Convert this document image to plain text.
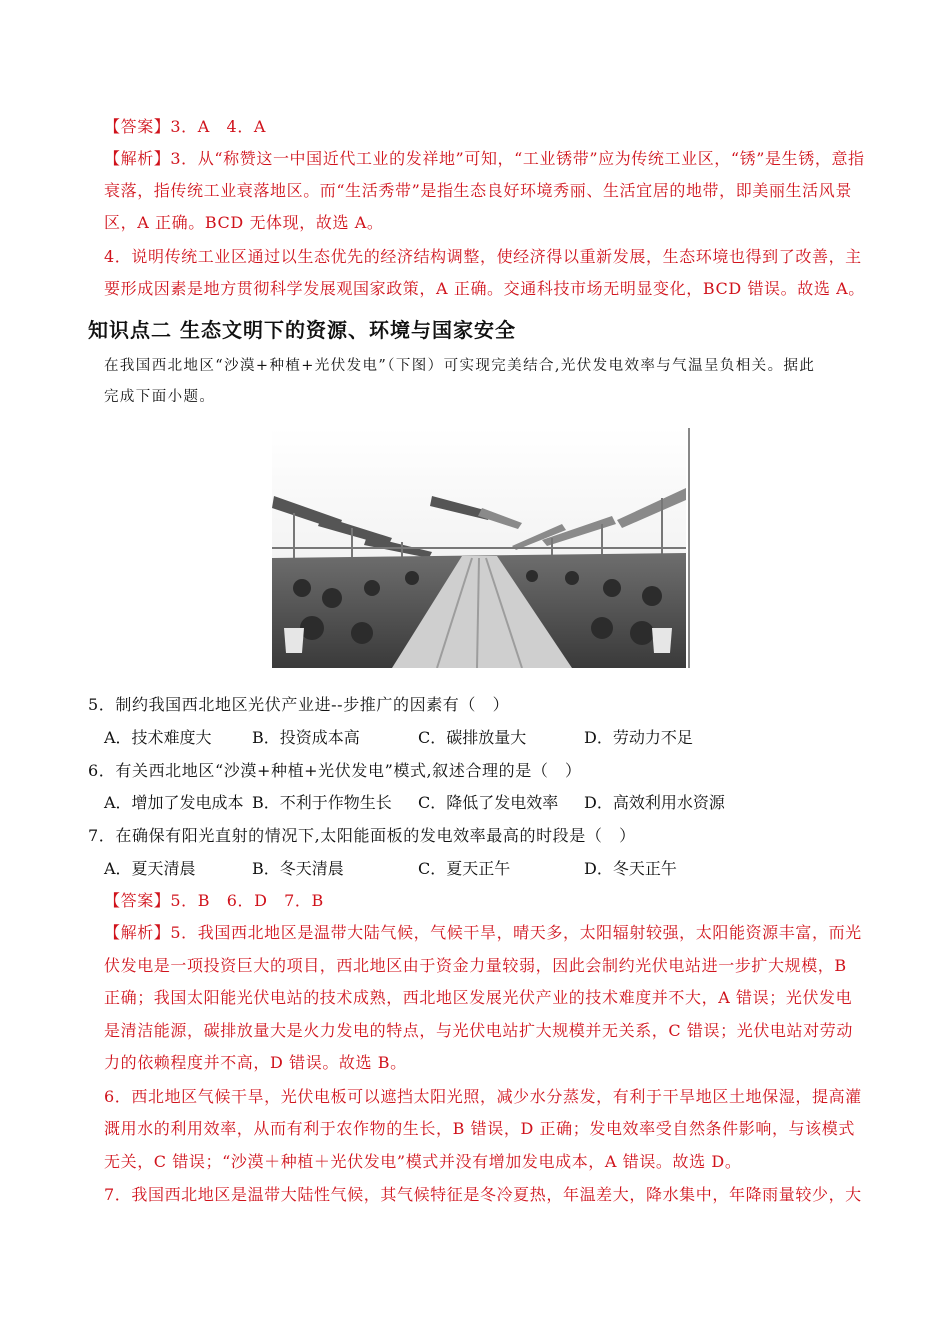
【答案】3．A　4．A
【解析】3．从“称赞这一中国近代工业的发祥地”可知，“工业锈带”应为传统工业区，“锈”是生锈，意指
衰落，指传统工业衰落地区。而“生活秀带”是指生态良好环境秀丽、生活宜居的地带，即美丽生活风景
区，A 正确。BCD 无体现，故选 A。
4．说明传统工业区通过以生态优先的经济结构调整，使经济得以重新发展，生态环境也得到了改善，主
要形成因素是地方贯彻科学发展观国家政策，A 正确。交通科技市场无明显变化，BCD 错误。故选 A。
知识点二 生态文明下的资源、环境与国家安全
在我国西北地区“沙漠+种植+光伏发电”（下图）可实现完美结合,光伏发电效率与气温呈负相关。据此
完成下面小题。
5．制约我国西北地区光伏产业进--步推广的因素有（　）
A．技术难度大	B．投资成本高	C．碳排放量大	D．劳动力不足
6．有关西北地区“沙漠+种植+光伏发电”模式,叙述合理的是（　）
A．增加了发电成本 B．不利于作物生长 C．降低了发电效率 D．高效利用水资源
7．在确保有阳光直射的情况下,太阳能面板的发电效率最高的时段是（　）
A．夏天清晨	B．冬天清晨	C．夏天正午	D．冬天正午
【答案】5．B　6．D　7．B
【解析】5．我国西北地区是温带大陆气候，气候干旱，晴天多，太阳辐射较强，太阳能资源丰富，而光
伏发电是一项投资巨大的项目，西北地区由于资金力量较弱，因此会制约光伏电站进一步扩大规模，B
正确；我国太阳能光伏电站的技术成熟，西北地区发展光伏产业的技术难度并不大，A 错误；光伏发电
是清洁能源，碳排放量大是火力发电的特点，与光伏电站扩大规模并无关系，C 错误；光伏电站对劳动
力的依赖程度并不高，D 错误。故选 B。
6．西北地区气候干旱，光伏电板可以遮挡太阳光照，减少水分蒸发，有利于干旱地区土地保湿，提高灌
溉用水的利用效率，从而有利于农作物的生长，B 错误，D 正确；发电效率受自然条件影响，与该模式
无关，C 错误；“沙漠＋种植＋光伏发电”模式并没有增加发电成本，A 错误。故选 D。
7．我国西北地区是温带大陆性气候，其气候特征是冬冷夏热，年温差大，降水集中，年降雨量较少，大
